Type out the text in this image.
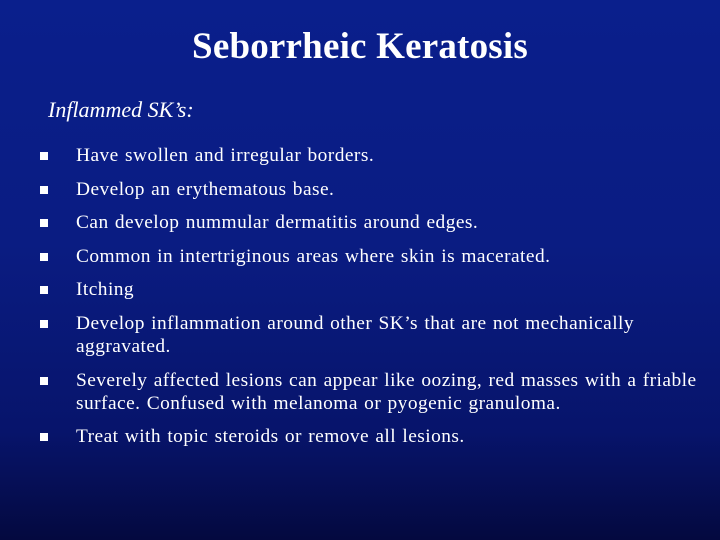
Seborrheic Keratosis
Inflammed SK’s:
Have swollen and irregular borders.
Develop an erythematous base.
Can develop nummular dermatitis around edges.
Common in intertriginous areas where skin is macerated.
Itching
Develop inflammation around other SK’s that are not mechanically aggravated.
Severely affected lesions can appear like oozing, red masses with a friable surface. Confused with melanoma or pyogenic granuloma.
Treat with topic steroids or remove all lesions.
